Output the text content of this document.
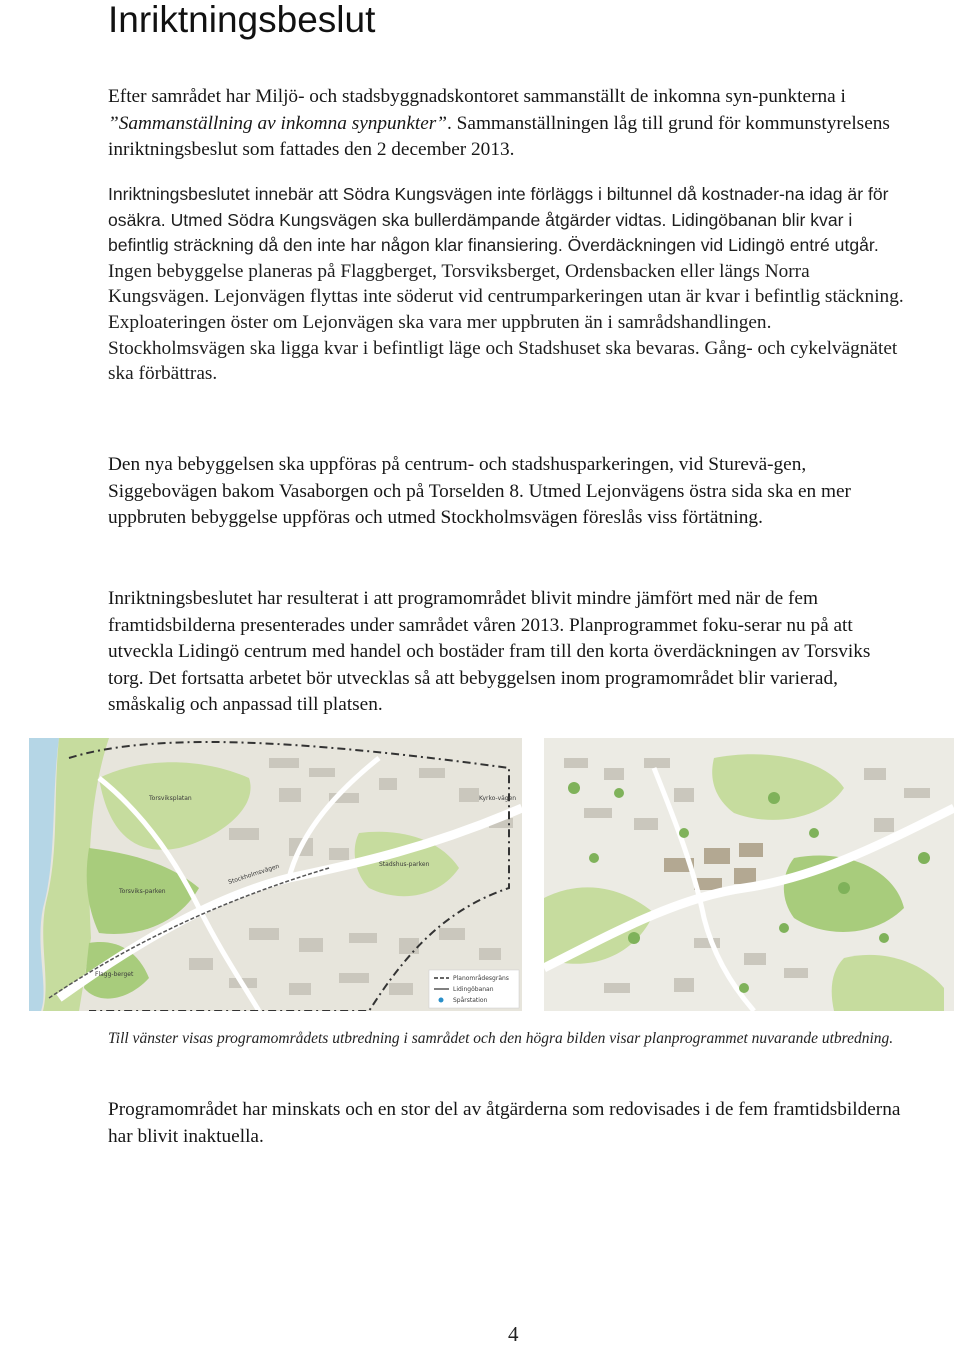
Inriktningsbeslut

Efter samrådet har Miljö- och stadsbyggnadskontoret sammanställt de inkomna syn-punkterna i ”Sammanställning av inkomna synpunkter”. Sammanställningen låg till grund för kommunstyrelsens inriktningsbeslut som fattades den 2 december 2013.

Inriktningsbeslutet innebär att Södra Kungsvägen inte förläggs i biltunnel då kostnader-na idag är för osäkra. Utmed Södra Kungsvägen ska bullerdämpande åtgärder vidtas. Lidingöbanan blir kvar i befintlig sträckning då den inte har någon klar finansiering. Överdäckningen vid Lidingö entré utgår. Ingen bebyggelse planeras på Flaggberget, Torsviksberget, Ordensbacken eller längs Norra Kungsvägen. Lejonvägen flyttas inte söderut vid centrumparkeringen utan är kvar i befintlig stäckning. Exploateringen öster om Lejonvägen ska vara mer uppbruten än i samrådshandlingen. Stockholmsvägen ska ligga kvar i befintligt läge och Stadshuset ska bevaras. Gång- och cykelvägnätet ska förbättras.

Den nya bebyggelsen ska uppföras på centrum- och stadshusparkeringen, vid Sturevä-gen, Siggebovägen bakom Vasaborgen och på Torselden 8. Utmed Lejonvägens östra sida ska en mer uppbruten bebyggelse uppföras och utmed Stockholmsvägen föreslås viss förtätning.

Inriktningsbeslutet har resulterat i att programområdet blivit mindre jämfört med när de fem framtidsbilderna presenterades under samrådet våren 2013. Planprogrammet foku-serar nu på att utveckla Lidingö centrum med handel och bostäder fram till den korta överdäckningen av Torsviks torg. Det fortsatta arbetet bör utvecklas så att bebyggelsen inom programområdet blir varierad, småskalig och anpassad till platsen.

Torsviksplatan
Torsviks-parken
Stadshus-parken
Flagg-berget
Kyrko-vägen
Stockholmsvägen
Planområdesgräns
Lidingöbanan
Spårstation

Till vänster visas programområdets utbredning i samrådet och den högra bilden visar planprogrammet nuvarande utbredning.

Programområdet har minskats och en stor del av åtgärderna som redovisades i de fem framtidsbilderna har blivit inaktuella.

4
